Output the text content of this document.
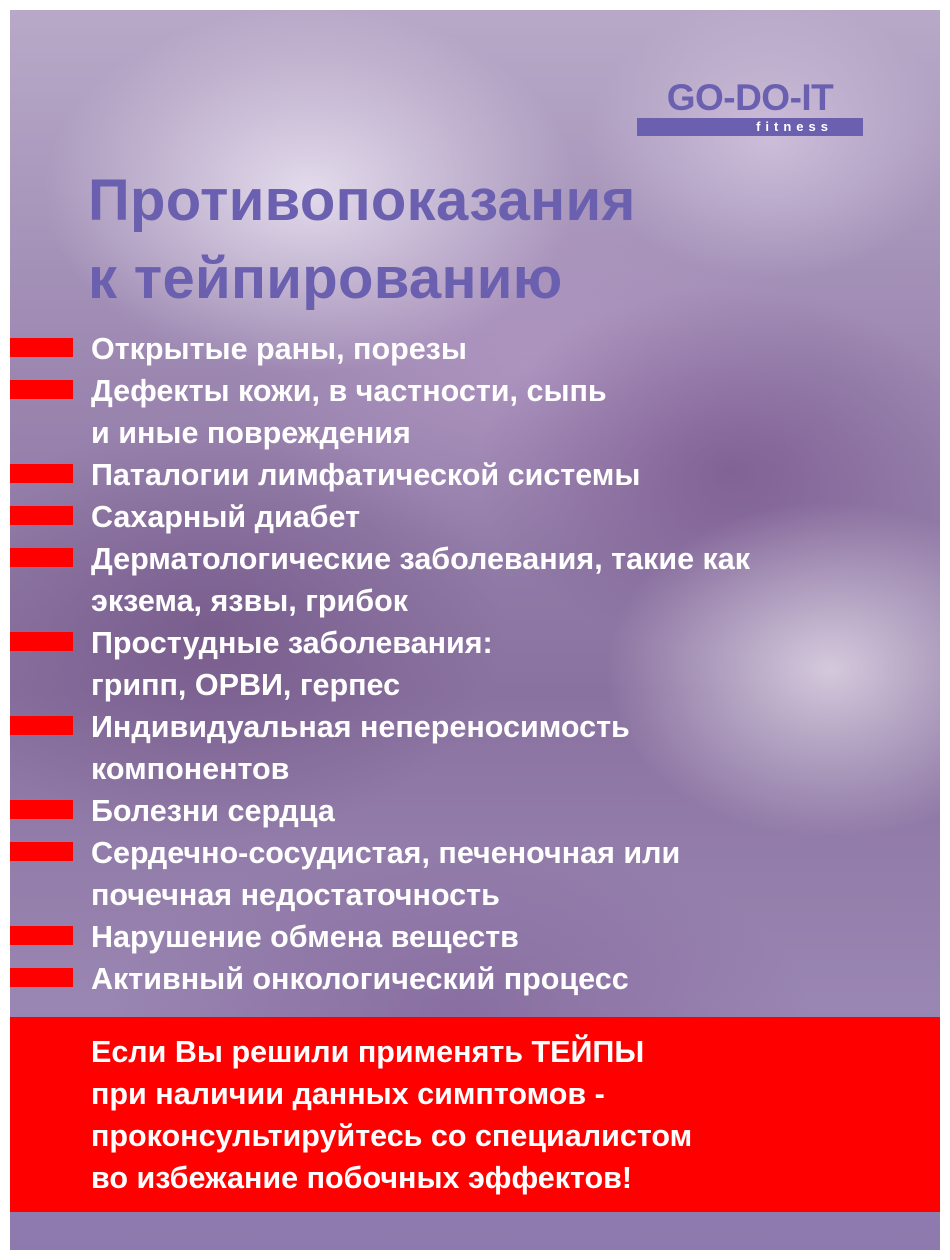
GO-DO-IT
fitness
Противопоказания
к тейпированию
Открытые раны, порезы
Дефекты кожи, в частности, сыпь
и иные повреждения
Паталогии лимфатической системы
Сахарный диабет
Дерматологические заболевания, такие как
экзема, язвы, грибок
Простудные заболевания:
грипп, ОРВИ, герпес
Индивидуальная непереносимость
компонентов
Болезни сердца
Сердечно-сосудистая, печеночная или
почечная недостаточность
Нарушение обмена веществ
Активный онкологический процесс

Если Вы решили применять ТЕЙПЫ
при наличии данных симптомов -
проконсультируйтесь со специалистом
во избежание побочных эффектов!
